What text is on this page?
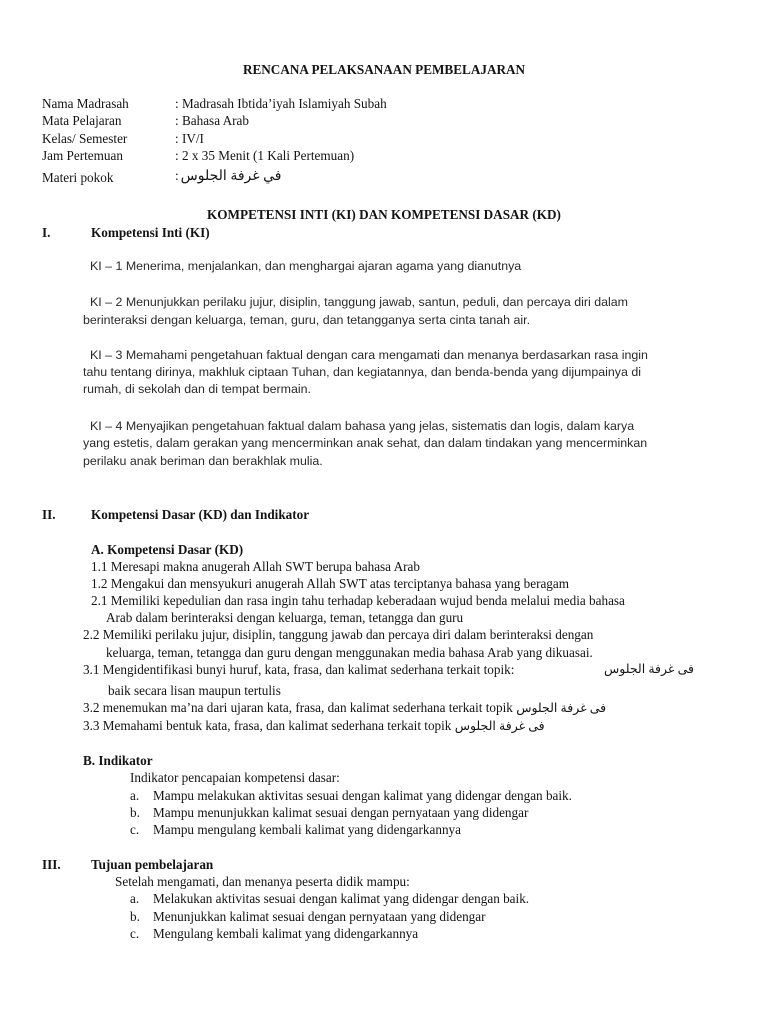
RENCANA PELAKSANAAN PEMBELAJARAN
Nama Madrasah	: Madrasah Ibtida’iyah Islamiyah Subah
Mata Pelajaran	: Bahasa Arab
Kelas/ Semester	: IV/I
Jam Pertemuan	: 2 x 35 Menit (1 Kali Pertemuan)
Materi pokok	: في غرفة الجلوس
KOMPETENSI INTI (KI) DAN KOMPETENSI DASAR (KD)
I.	Kompetensi Inti (KI)
KI – 1 Menerima, menjalankan, dan menghargai ajaran agama yang dianutnya
KI – 2 Menunjukkan perilaku jujur, disiplin, tanggung jawab, santun, peduli, dan percaya diri dalam
berinteraksi dengan keluarga, teman, guru, dan tetangganya serta cinta tanah air.
KI – 3 Memahami pengetahuan faktual dengan cara mengamati dan menanya berdasarkan rasa ingin
tahu tentang dirinya, makhluk ciptaan Tuhan, dan kegiatannya, dan benda-benda yang dijumpainya di
rumah, di sekolah dan di tempat bermain.
KI – 4 Menyajikan pengetahuan faktual dalam bahasa yang jelas, sistematis dan logis, dalam karya
yang estetis, dalam gerakan yang mencerminkan anak sehat, dan dalam tindakan yang mencerminkan
perilaku anak beriman dan berakhlak mulia.
II.	Kompetensi Dasar (KD) dan Indikator
A. Kompetensi Dasar (KD)
1.1 Meresapi makna anugerah Allah SWT berupa bahasa Arab
1.2 Mengakui dan mensyukuri anugerah Allah SWT atas terciptanya bahasa yang beragam
2.1 Memiliki kepedulian dan rasa ingin tahu terhadap keberadaan wujud benda melalui media bahasa
Arab dalam berinteraksi dengan keluarga, teman, tetangga dan guru
2.2 Memiliki perilaku jujur, disiplin, tanggung jawab dan percaya diri dalam berinteraksi dengan
keluarga, teman, tetangga dan guru dengan menggunakan media bahasa Arab yang dikuasai.
3.1 Mengidentifikasi bunyi huruf, kata, frasa, dan kalimat sederhana terkait topik:	فى غرفة الجلوس
baik secara lisan maupun tertulis
3.2 menemukan ma’na dari ujaran kata, frasa, dan kalimat sederhana terkait topik فى غرفة الجلوس
3.3 Memahami bentuk kata, frasa, dan kalimat sederhana terkait topik فى غرفة الجلوس
B. Indikator
Indikator pencapaian kompetensi dasar:
a. Mampu melakukan aktivitas sesuai dengan kalimat yang didengar dengan baik.
b. Mampu menunjukkan kalimat sesuai dengan pernyataan yang didengar
c. Mampu mengulang kembali kalimat yang didengarkannya
III. Tujuan pembelajaran
Setelah mengamati, dan menanya peserta didik mampu:
a. Melakukan aktivitas sesuai dengan kalimat yang didengar dengan baik.
b. Menunjukkan kalimat sesuai dengan pernyataan yang didengar
c. Mengulang kembali kalimat yang didengarkannya
